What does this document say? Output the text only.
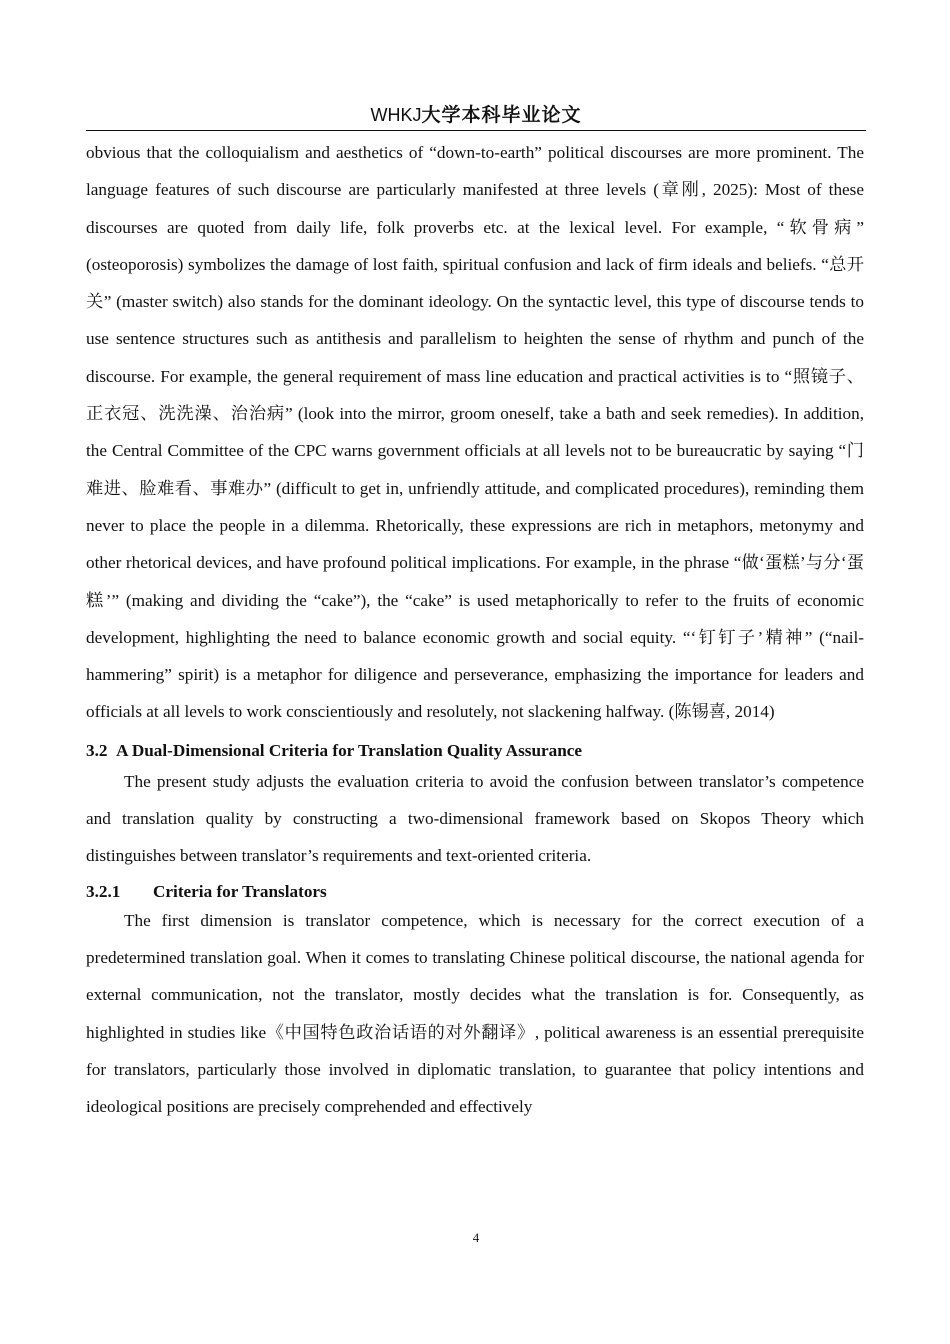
WHKJ大学本科毕业论文

obvious that the colloquialism and aesthetics of “down-to-earth” political discourses are more prominent. The language features of such discourse are particularly manifested at three levels (章刚, 2025): Most of these discourses are quoted from daily life, folk proverbs etc. at the lexical level. For example, “软骨病” (osteoporosis) symbolizes the damage of lost faith, spiritual confusion and lack of firm ideals and beliefs. “总开关” (master switch) also stands for the dominant ideology. On the syntactic level, this type of discourse tends to use sentence structures such as antithesis and parallelism to heighten the sense of rhythm and punch of the discourse. For example, the general requirement of mass line education and practical activities is to “照镜子、正衣冠、洗洗澡、治治病” (look into the mirror, groom oneself, take a bath and seek remedies). In addition, the Central Committee of the CPC warns government officials at all levels not to be bureaucratic by saying “门难进、脸难看、事难办” (difficult to get in, unfriendly attitude, and complicated procedures), reminding them never to place the people in a dilemma. Rhetorically, these expressions are rich in metaphors, metonymy and other rhetorical devices, and have profound political implications. For example, in the phrase “做‘蛋糕’与分‘蛋糕’” (making and dividing the “cake”), the “cake” is used metaphorically to refer to the fruits of economic development, highlighting the need to balance economic growth and social equity. “‘钉钉子’精神” (“nail-hammering” spirit) is a metaphor for diligence and perseverance, emphasizing the importance for leaders and officials at all levels to work conscientiously and resolutely, not slackening halfway. (陈锡喜, 2014)

3.2 A Dual-Dimensional Criteria for Translation Quality Assurance

The present study adjusts the evaluation criteria to avoid the confusion between translator’s competence and translation quality by constructing a two-dimensional framework based on Skopos Theory which distinguishes between translator’s requirements and text-oriented criteria.

3.2.1 Criteria for Translators

The first dimension is translator competence, which is necessary for the correct execution of a predetermined translation goal. When it comes to translating Chinese political discourse, the national agenda for external communication, not the translator, mostly decides what the translation is for. Consequently, as highlighted in studies like《中国特色政治话语的对外翻译》, political awareness is an essential prerequisite for translators, particularly those involved in diplomatic translation, to guarantee that policy intentions and ideological positions are precisely comprehended and effectively

4
